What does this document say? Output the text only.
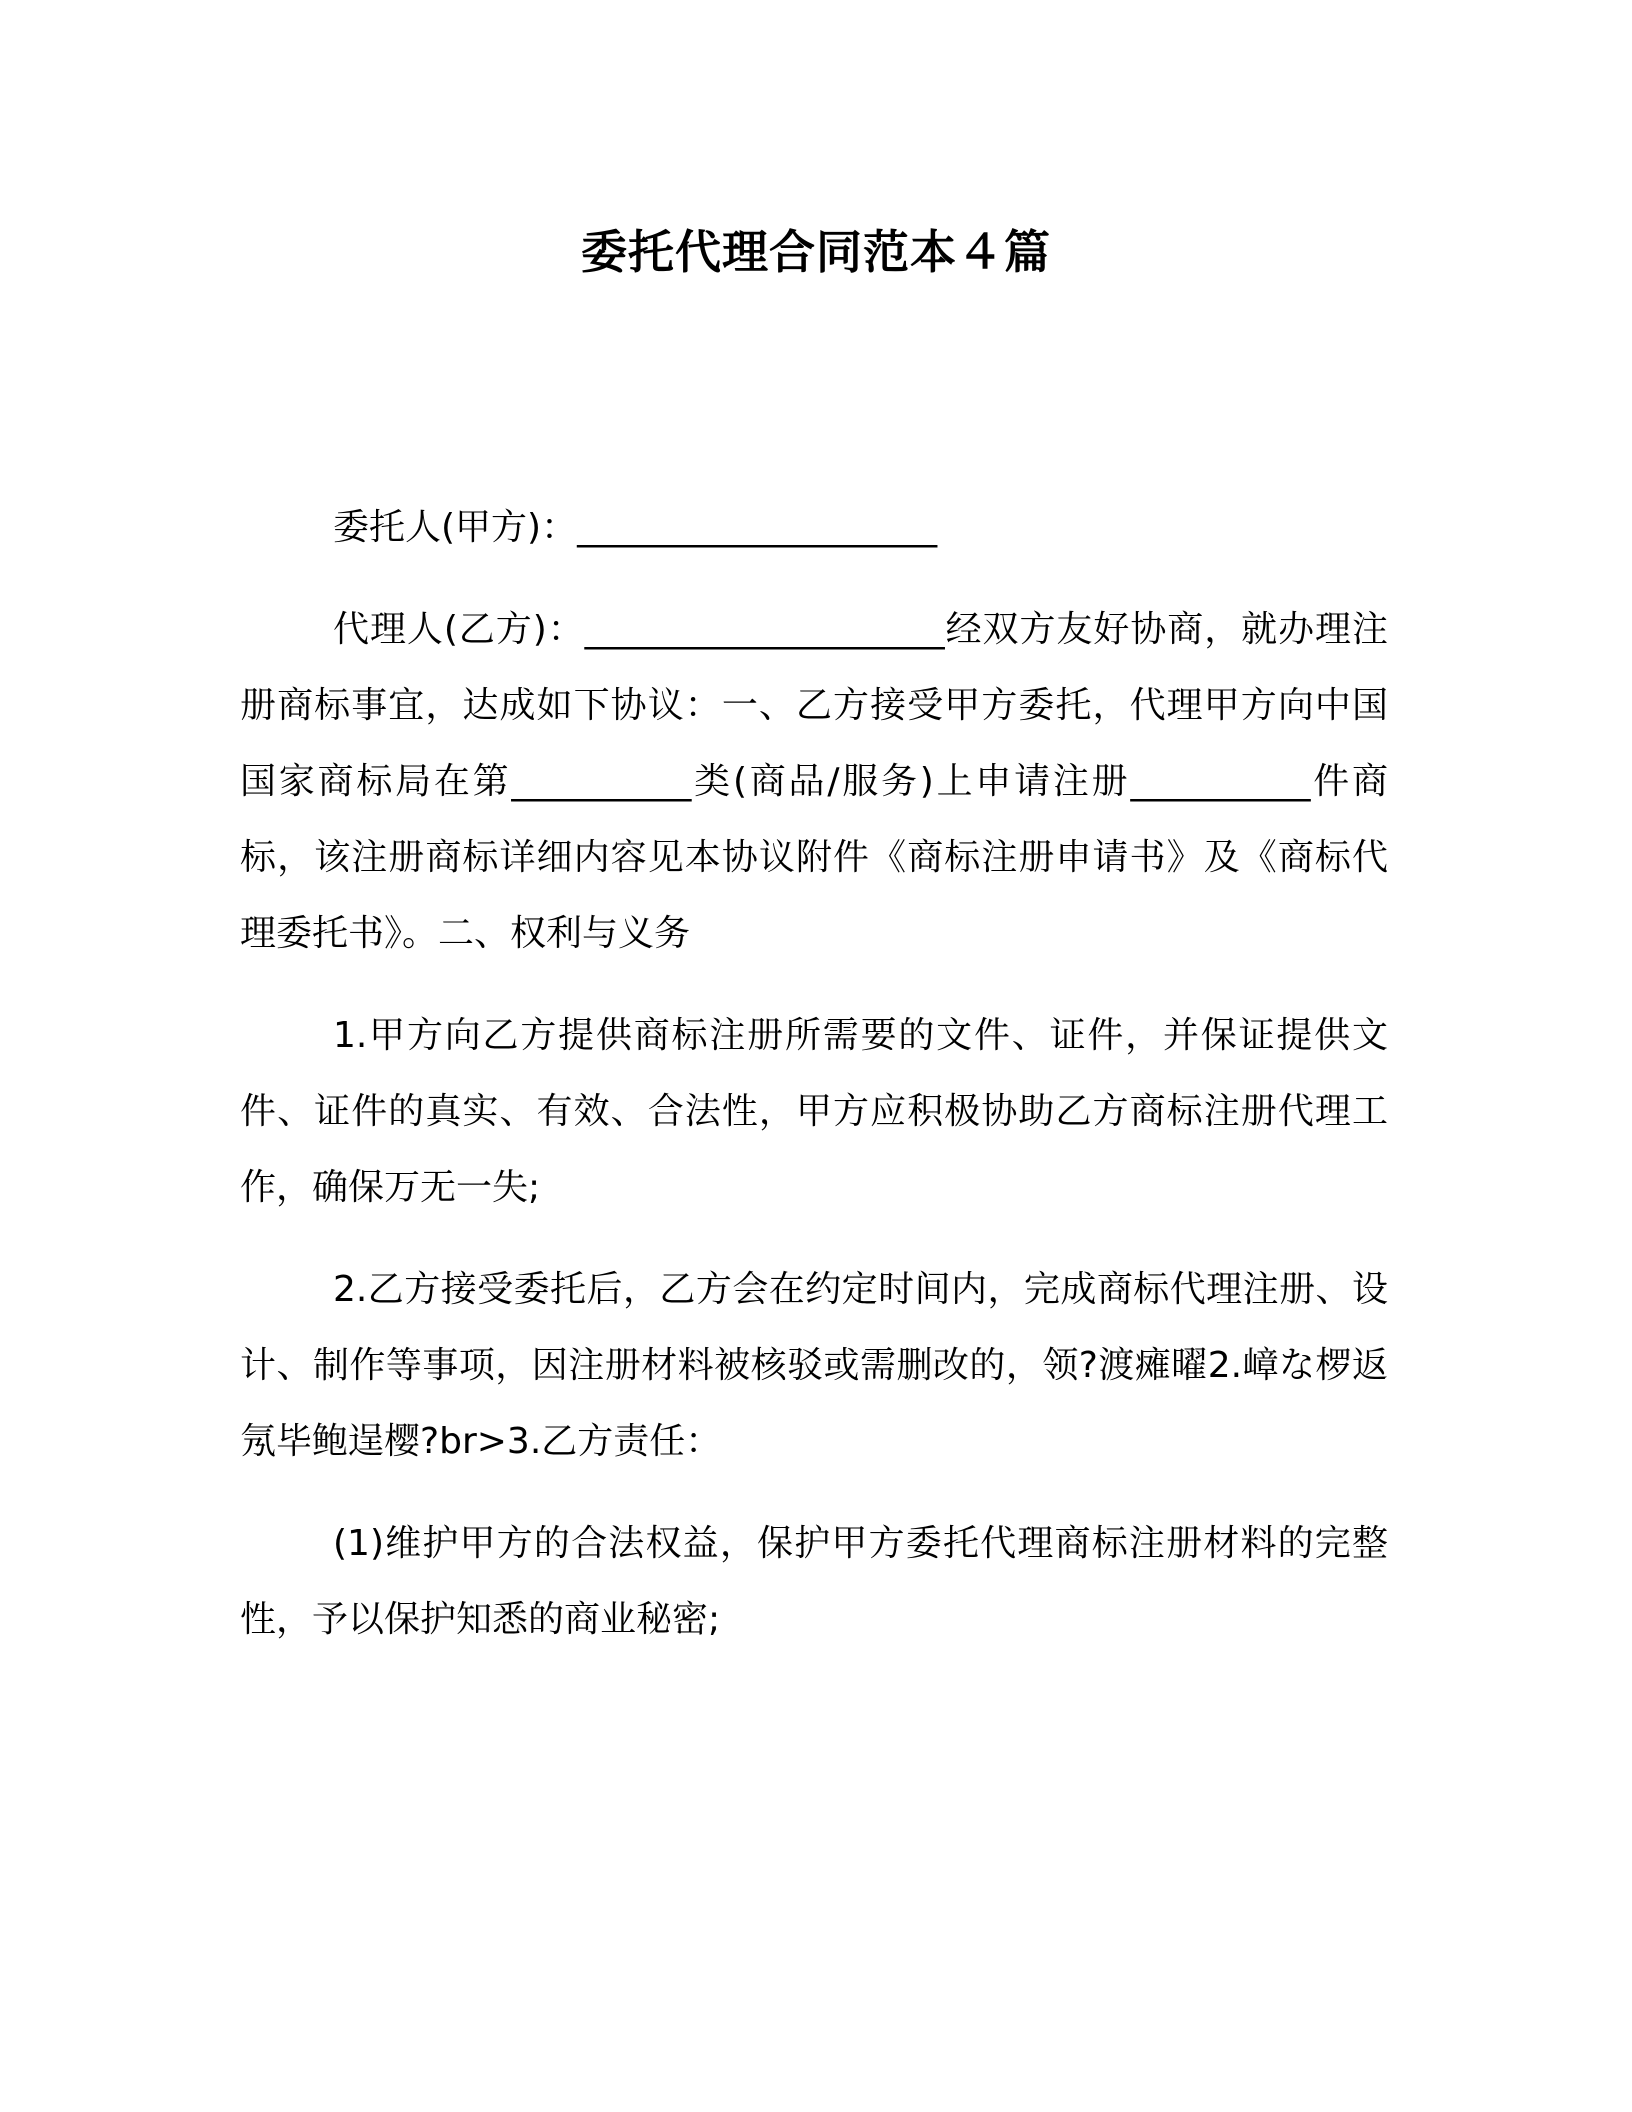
委托代理合同范本４篇

委托人(甲方)：____________________

代理人(乙方)：____________________经双方友好协商，就办理注册商标事宜，达成如下协议：一、乙方接受甲方委托，代理甲方向中国国家商标局在第__________类(商品/服务)上申请注册__________件商标，该注册商标详细内容见本协议附件《商标注册申请书》及《商标代理委托书》。二、权利与义务

1.甲方向乙方提供商标注册所需要的文件、证件，并保证提供文件、证件的真实、有效、合法性，甲方应积极协助乙方商标注册代理工作，确保万无一失;

2.乙方接受委托后，乙方会在约定时间内，完成商标代理注册、设计、制作等事项，因注册材料被核驳或需删改的，领?渡瘫曜2.嶂な椤返氖毕鲍逞樱?br>3.乙方责任：

(1)维护甲方的合法权益，保护甲方委托代理商标注册材料的完整性，予以保护知悉的商业秘密;
